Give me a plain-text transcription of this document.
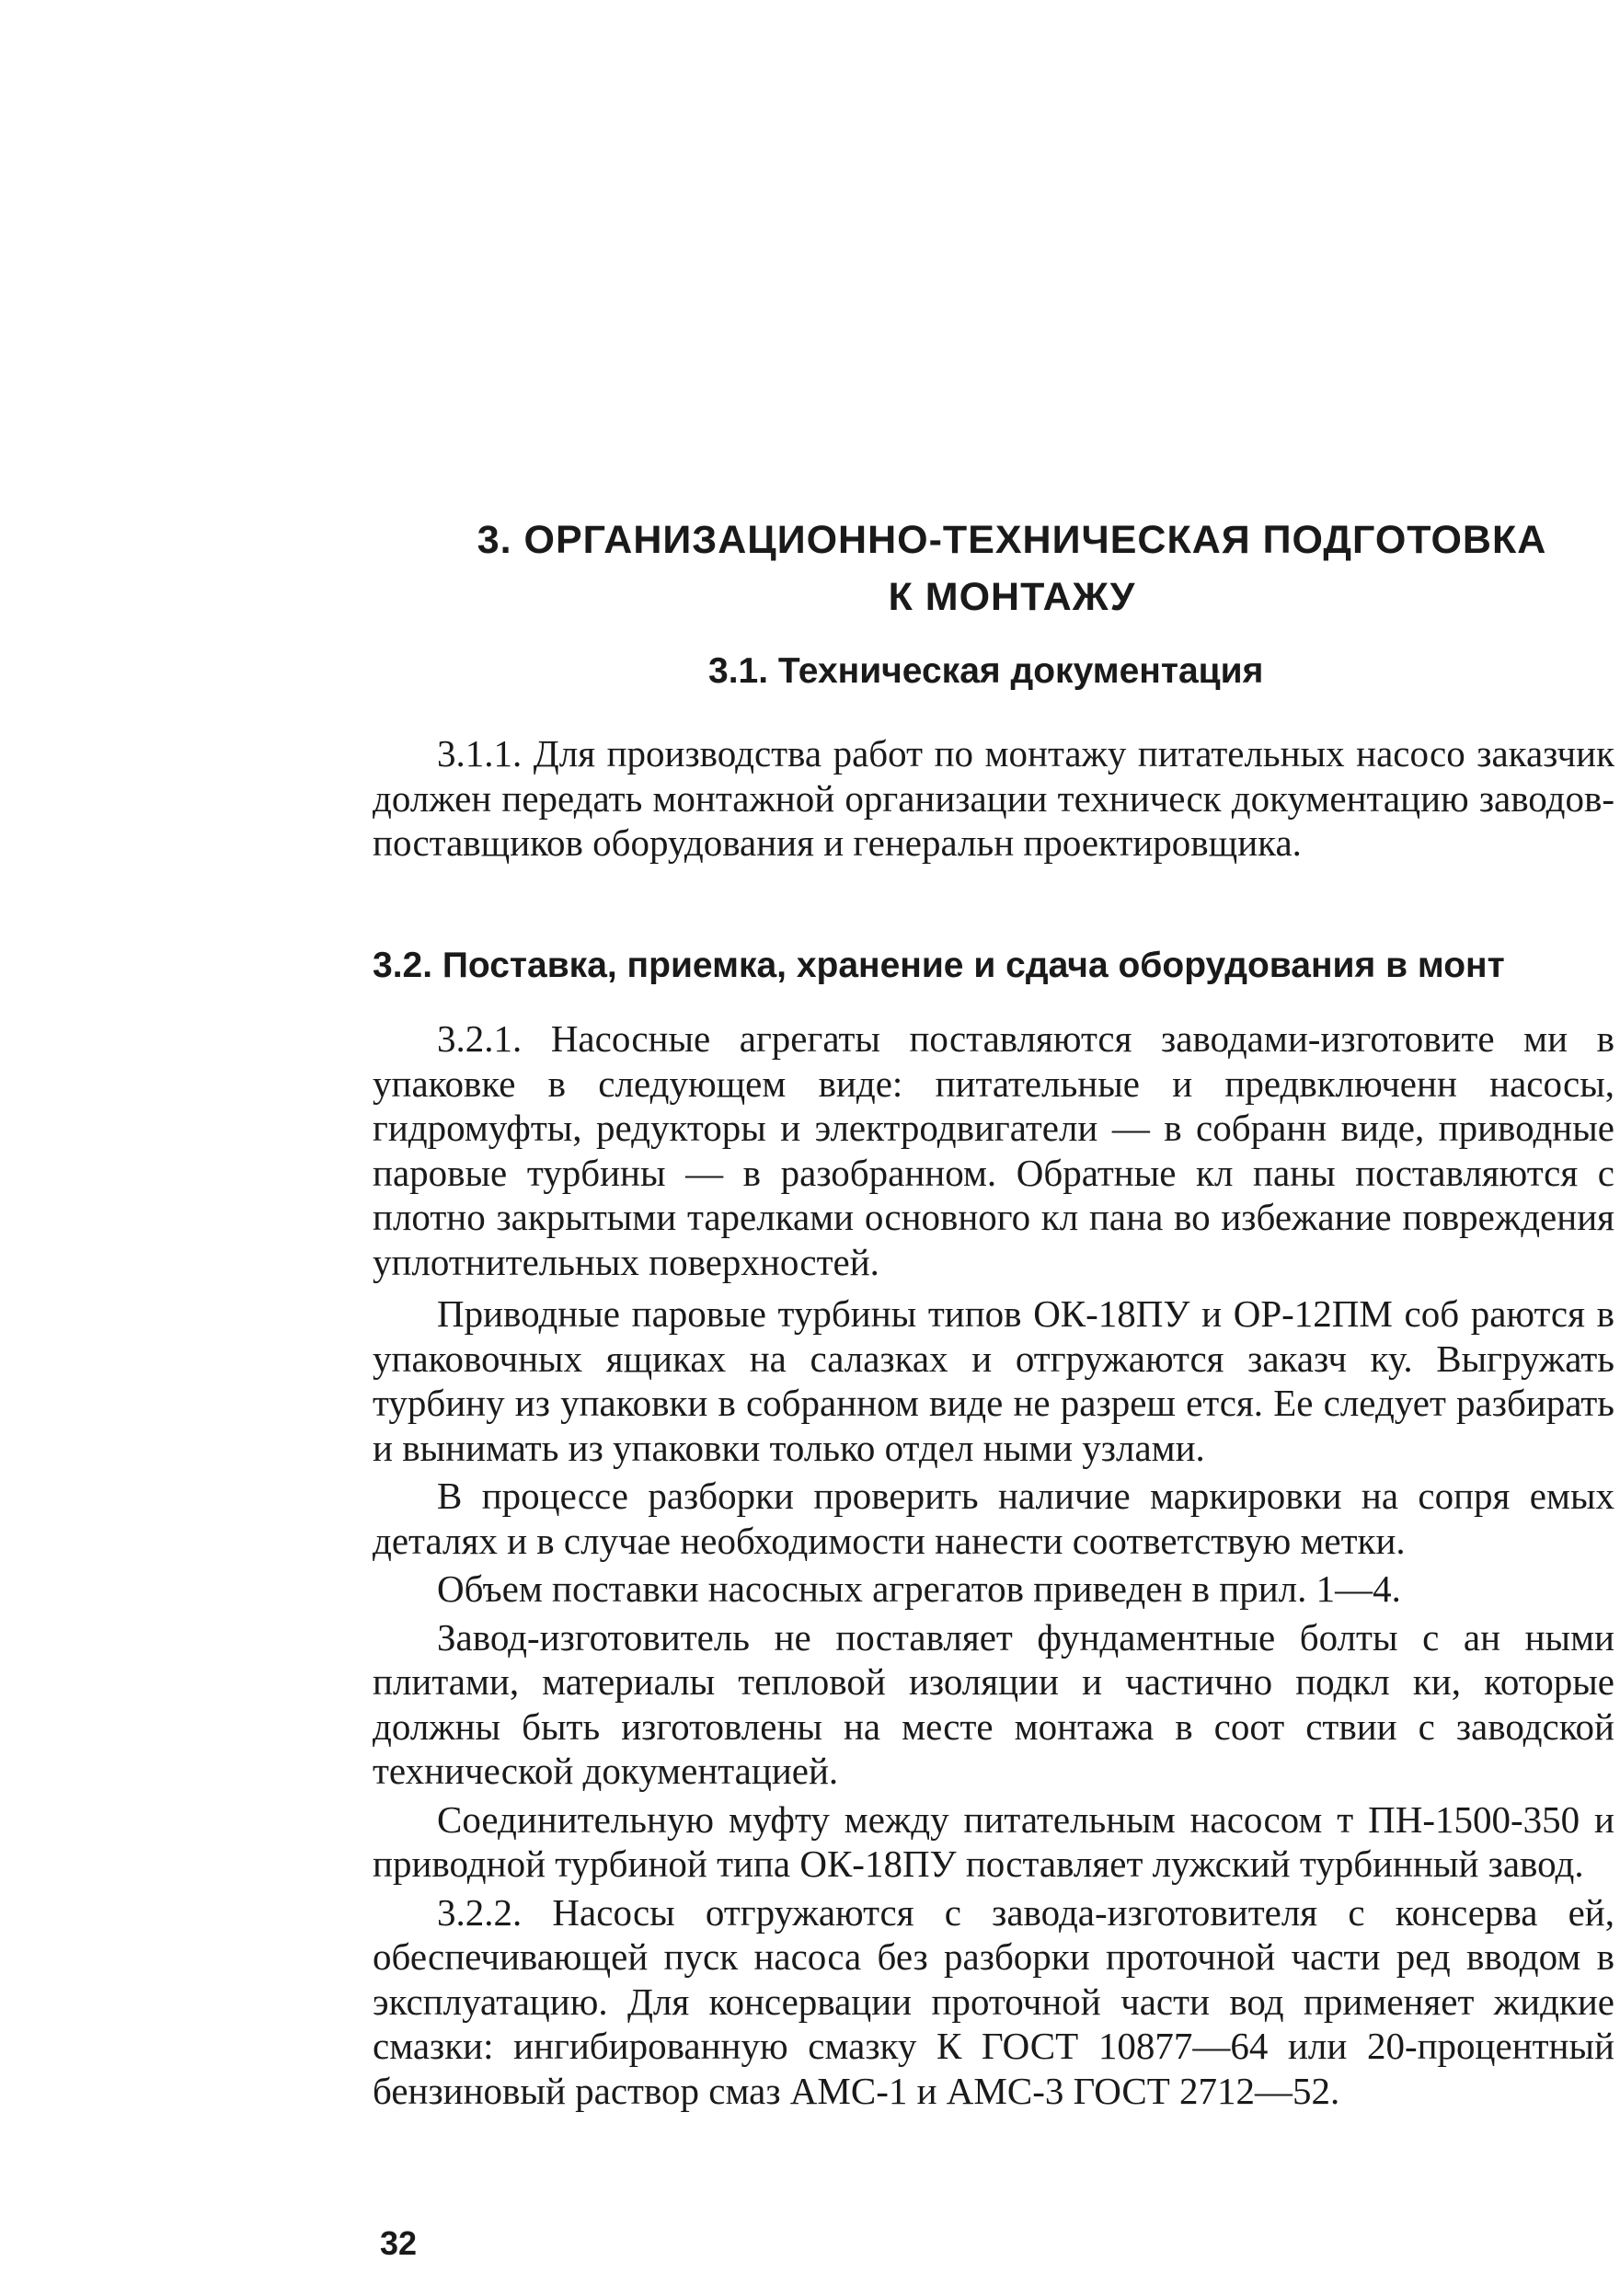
3. ОРГАНИЗАЦИОННО-ТЕХНИЧЕСКАЯ ПОДГОТОВКА
К МОНТАЖУ
3.1. Техническая документация

3.1.1. Для производства работ по монтажу питательных насосо заказчик должен передать монтажной организации техническ документацию заводов-поставщиков оборудования и генеральн проектировщика.

3.2. Поставка, приемка, хранение и сдача оборудования в монт

3.2.1. Насосные агрегаты поставляются заводами-изготовите ми в упаковке в следующем виде: питательные и предвключенн насосы, гидромуфты, редукторы и электродвигатели — в собранн виде, приводные паровые турбины — в разобранном. Обратные кл паны поставляются с плотно закрытыми тарелками основного кл пана во избежание повреждения уплотнительных поверхностей.

Приводные паровые турбины типов ОК-18ПУ и ОР-12ПМ соб раются в упаковочных ящиках на салазках и отгружаются заказч ку. Выгружать турбину из упаковки в собранном виде не разреш ется. Ее следует разбирать и вынимать из упаковки только отдел ными узлами.

В процессе разборки проверить наличие маркировки на сопря емых деталях и в случае необходимости нанести соответствую метки.

Объем поставки насосных агрегатов приведен в прил. 1—4.

Завод-изготовитель не поставляет фундаментные болты с ан ными плитами, материалы тепловой изоляции и частично подкл ки, которые должны быть изготовлены на месте монтажа в соот ствии с заводской технической документацией.

Соединительную муфту между питательным насосом т ПН-1500-350 и приводной турбиной типа ОК-18ПУ поставляет лужский турбинный завод.

3.2.2. Насосы отгружаются с завода-изготовителя с консерва ей, обеспечивающей пуск насоса без разборки проточной части ред вводом в эксплуатацию. Для консервации проточной части вод применяет жидкие смазки: ингибированную смазку К ГОСТ 10877—64 или 20-процентный бензиновый раствор смаз АМС-1 и АМС-3 ГОСТ 2712—52.

32
